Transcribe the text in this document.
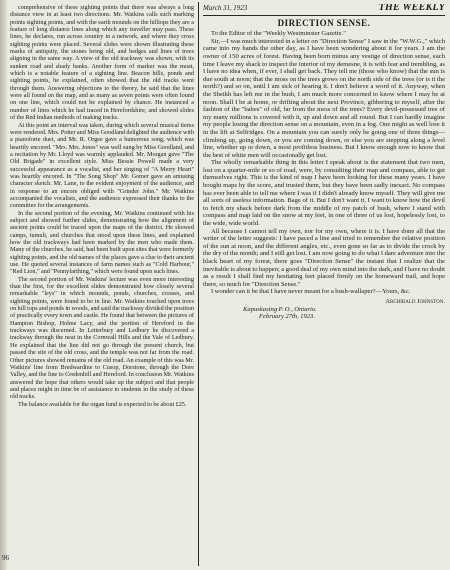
comprehensive of these sighting points that there was always a long distance view in at least two directions. Mr. Watkins calls such marking points sighting points, and with the earth mounds on the hilltops they are a feature of long distance lines along which any traveller may pass. These lines, he declares, run across country in a network, and where they cross sighting points were placed. Several slides were shown illustrating these marks of antiquity, the stones being old, and hedges and lines of trees aligning in the same way. A view of the old trackway was shown, with its sunken road and shady banks. Another form of marker was the moat, which is a notable feature of a sighting line. Beacon hills, ponds and sighting points, he explained, often showed that the old tracks went through them. Answering objections to the theory, he said that the lines were all found on the map, and as many as seven points were often found on one line, which could not be explained by chance. He instanced a number of lines which he had traced in Herefordshire, and showed slides of the Red Indian methods of making tracks.

At this point an interval was taken, during which several musical items were rendered. Mrs. Potter and Miss Goodland delighted the audience with a pianoforte duet, and Mr. R. Orgee gave a humorous song, which was heartily encored. "Mrs. Mrs. Jones" was well sung by Miss Goodland, and a recitation by Mr. Lloyd was warmly applauded. Mr. Morgan gave "The Old Brigade" in excellent style. Miss Bessie Powell made a very successful appearance as a vocalist, and her singing of "A Merry Heart" was heartily encored. In "The Song Shop" Mr. Gomer gave an amusing character sketch. Mr. Lane, to the evident enjoyment of the audience, and in response to an encore obliged with "Grinder John." Mr. Watkins accompanied the vocalists, and the audience expressed their thanks to the committee for the arrangements.

In the second portion of the evening, Mr. Watkins continued with his subject and showed further slides, demonstrating how the alignment of ancient points could be traced upon the maps of the district. He showed camps, tumuli, and churches that stood upon these lines, and explained how the old trackways had been marked by the men who made them. Many of the churches, he said, had been built upon sites that were formerly sighting points, and the old names of the places gave a clue to their ancient use. He quoted several instances of farm names such as "Cold Harbour," "Red Lion," and "Pennyfarthing," which were found upon such lines.

The second portion of Mr. Watkins' lecture was even more interesting than the first, for the excellent slides demonstrated how closely several remarkable "leys" in which mounds, ponds, churches, crosses, and sighting points, were found to be in line. Mr. Watkins touched upon trees on hill tops and ponds in woods, and said the trackway divided the position of practically every town and castle. He found that between the pictures of Hampton Bishop, Holme Lacy, and the portion of Hereford in the trackways was discerned. In Letterbury and Ledbury he discovered a trackway through the neat in the Cornwall Hills and the Vale of Ledbury. He explained that the line did not go through the present church, but passed the site of the old cross, and the temple was not far from the road. Other pictures showed remains of the old road. An example of this was Mr. Watkins' line from Bredwardine to Cusop, Dorstone, through the Dore Valley, and the line to Credenhill and Hereford. In conclusion Mr. Watkins answered the hope that others would take up the subject and that people and places might in time be of assistance to students in the study of these old tracks.

The balance available for the organ fund is expected to be about £25.

March 31, 1923	THE WEEKLY
DIRECTION SENSE.

To the Editor of the "Weekly Westminster Gazette."

Sir,—I was much interested in a letter on "Direction Sense" I saw in the "W.W.G.," which came into my hands the other day, as I have been wondering about it for years. I am the owner of 150 acres of forest. Having been born minus any vestige of direction sense, each time I leave my shack to inspect the interior of my demesne, it is with fear and trembling, as I have no idea when, if ever, I shall get back. They tell me (those who know) that the sun is due south at noon; that the moss on the trees grows on the north side of the trees (or is it the north?) and so on, until I am sick of hearing it. I don't believe a word of it. Anyway, when the Sheikh has left me in the bush, I am much more concerned to know where I may be at noon. Shall I be at home, or drifting about the next Province, gibbering to myself, after the fashion of the "babes" of old, far from the mess of the trees? Every devil-possessed tree of my many millions is covered with it, up and down and all round. But I can hardly imagine my people losing the direction sense on a mountain, even in a fog. One might as well lose it in the lift at Selfridges. On a mountain you can surely only be going one of three things—climbing up, going down, or you are coming down, or else you are stepping along a level line, whether up or down, a most profitless business. But I know enough now to know that the best of white men will occasionally get lost.

The wholly remarkable thing in this letter I speak about is the statement that two men, lost on a quarter-mile or so of road, were, by consulting their map and compass, able to get themselves right. This is the kind of map I have been looking for these many years. I have bought maps by the score, and trusted them, but they have been sadly inexact. No compass has ever been able to tell me where I was if I didn't already know myself. They will give me all sorts of useless information. Bage of it. But I don't want it. I want to know how the devil to fetch my shack before dark from the middle of my patch of bush, where I stand with compass and map laid on the snow at my feet, in one of three of us lost, hopelessly lost, to the wide, wide world.

All because I cannot tell my own, nor for my own, where it is. I have done all that the writer of the letter suggests: I have paced a line and tried to remember the relative position of the sun at noon, and the different angles, etc., even gone so far as to divide the crock by the dry of the month; and I still get lost. I am now going to do what I dare adventure into the black heart of my forest, there goes "Direction Sense" the instant that I realize that the inevitable is about to happen; a good deal of my own mind into the dark, and I have no doubt as a result I shall find my hesitating feet placed firmly on the homeward trail, and hope there, so much for "Direction Sense."

I wonder can it be that I have never meant for a bush-wallaper?—Yours, &c.

Archibald Johnston.
Kapuskasing P. O., Ontario.
February 27th, 1923.
96
